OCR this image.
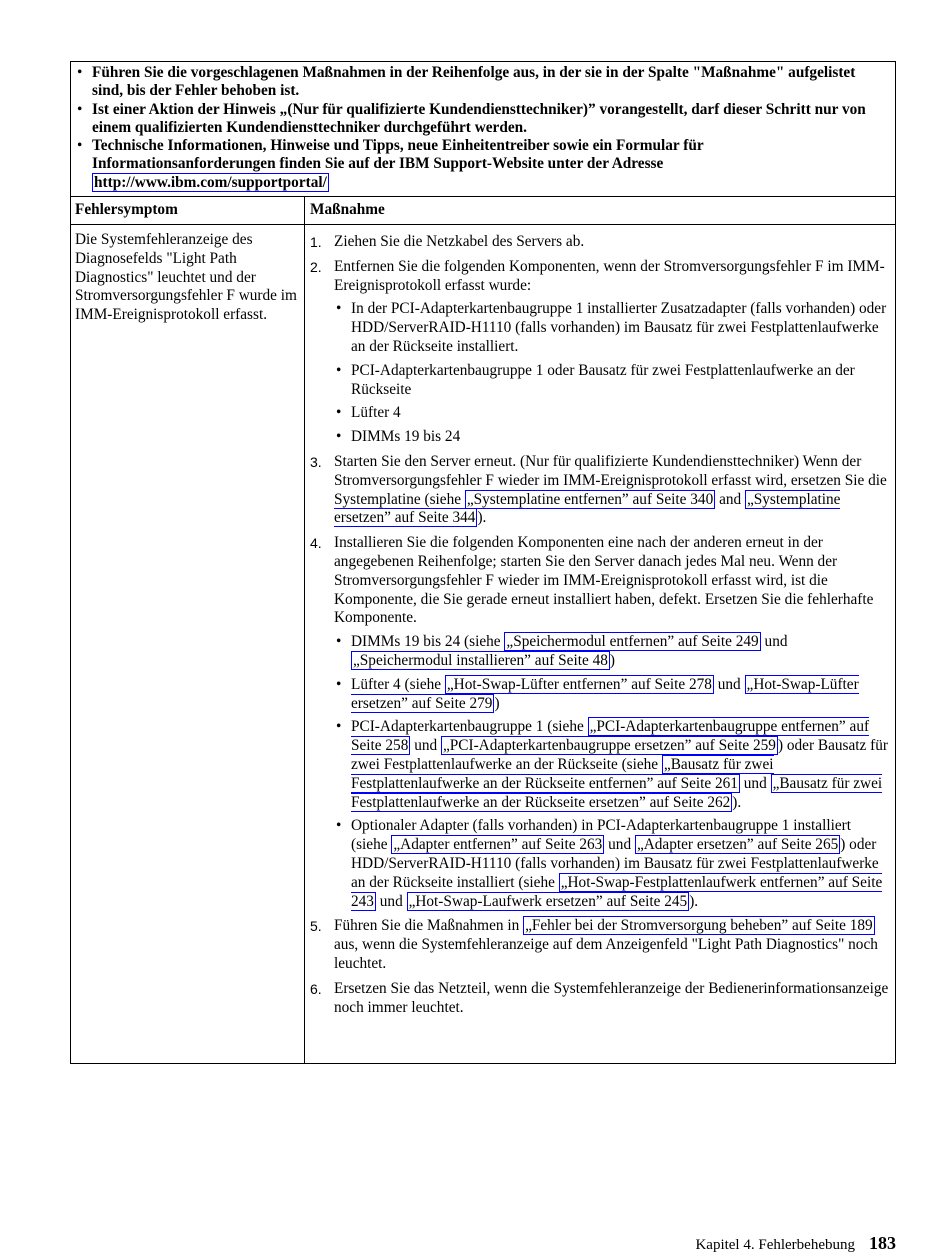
• Führen Sie die vorgeschlagenen Maßnahmen in der Reihenfolge aus, in der sie in der Spalte "Maßnahme" aufgelistet sind, bis der Fehler behoben ist.
• Ist einer Aktion der Hinweis „(Nur für qualifizierte Kundendiensttechniker)” vorangestellt, darf dieser Schritt nur von einem qualifizierten Kundendiensttechniker durchgeführt werden.
• Technische Informationen, Hinweise und Tipps, neue Einheitentreiber sowie ein Formular für Informationsanforderungen finden Sie auf der IBM Support-Website unter der Adresse http://www.ibm.com/supportportal/
Fehlersymptom	Maßnahme
Die Systemfehleranzeige des Diagnosefelds "Light Path Diagnostics" leuchtet und der Stromversorgungsfehler F wurde im IMM-Ereignisprotokoll erfasst.
1. Ziehen Sie die Netzkabel des Servers ab.
2. Entfernen Sie die folgenden Komponenten, wenn der Stromversorgungsfehler F im IMM-Ereignisprotokoll erfasst wurde:
• In der PCI-Adapterkartenbaugruppe 1 installierter Zusatzadapter (falls vorhanden) oder HDD/ServerRAID-H1110 (falls vorhanden) im Bausatz für zwei Festplattenlaufwerke an der Rückseite installiert.
• PCI-Adapterkartenbaugruppe 1 oder Bausatz für zwei Festplattenlaufwerke an der Rückseite
• Lüfter 4
• DIMMs 19 bis 24
3. Starten Sie den Server erneut. (Nur für qualifizierte Kundendiensttechniker) Wenn der Stromversorgungsfehler F wieder im IMM-Ereignisprotokoll erfasst wird, ersetzen Sie die Systemplatine (siehe „Systemplatine entfernen” auf Seite 340 and „Systemplatine ersetzen” auf Seite 344 ).
4. Installieren Sie die folgenden Komponenten eine nach der anderen erneut in der angegebenen Reihenfolge; starten Sie den Server danach jedes Mal neu. Wenn der Stromversorgungsfehler F wieder im IMM-Ereignisprotokoll erfasst wird, ist die Komponente, die Sie gerade erneut installiert haben, defekt. Ersetzen Sie die fehlerhafte Komponente.
• DIMMs 19 bis 24 (siehe „Speichermodul entfernen” auf Seite 249 und „Speichermodul installieren” auf Seite 48 )
• Lüfter 4 (siehe „Hot-Swap-Lüfter entfernen” auf Seite 278 und „Hot-Swap-Lüfter ersetzen” auf Seite 279 )
• PCI-Adapterkartenbaugruppe 1 (siehe „PCI-Adapterkartenbaugruppe entfernen” auf Seite 258 und „PCI-Adapterkartenbaugruppe ersetzen” auf Seite 259 ) oder Bausatz für zwei Festplattenlaufwerke an der Rückseite (siehe „Bausatz für zwei Festplattenlaufwerke an der Rückseite entfernen” auf Seite 261 und „Bausatz für zwei Festplattenlaufwerke an der Rückseite ersetzen” auf Seite 262 ).
• Optionaler Adapter (falls vorhanden) in PCI-Adapterkartenbaugruppe 1 installiert (siehe „Adapter entfernen” auf Seite 263 und „Adapter ersetzen” auf Seite 265 ) oder HDD/ServerRAID-H1110 (falls vorhanden) im Bausatz für zwei Festplattenlaufwerke an der Rückseite installiert (siehe „Hot-Swap-Festplattenlaufwerk entfernen” auf Seite 243 und „Hot-Swap-Laufwerk ersetzen” auf Seite 245 ).
5. Führen Sie die Maßnahmen in „Fehler bei der Stromversorgung beheben” auf Seite 189 aus, wenn die Systemfehleranzeige auf dem Anzeigenfeld "Light Path Diagnostics" noch leuchtet.
6. Ersetzen Sie das Netzteil, wenn die Systemfehleranzeige der Bedienerinformationsanzeige noch immer leuchtet.
Kapitel 4. Fehlerbehebung 183
